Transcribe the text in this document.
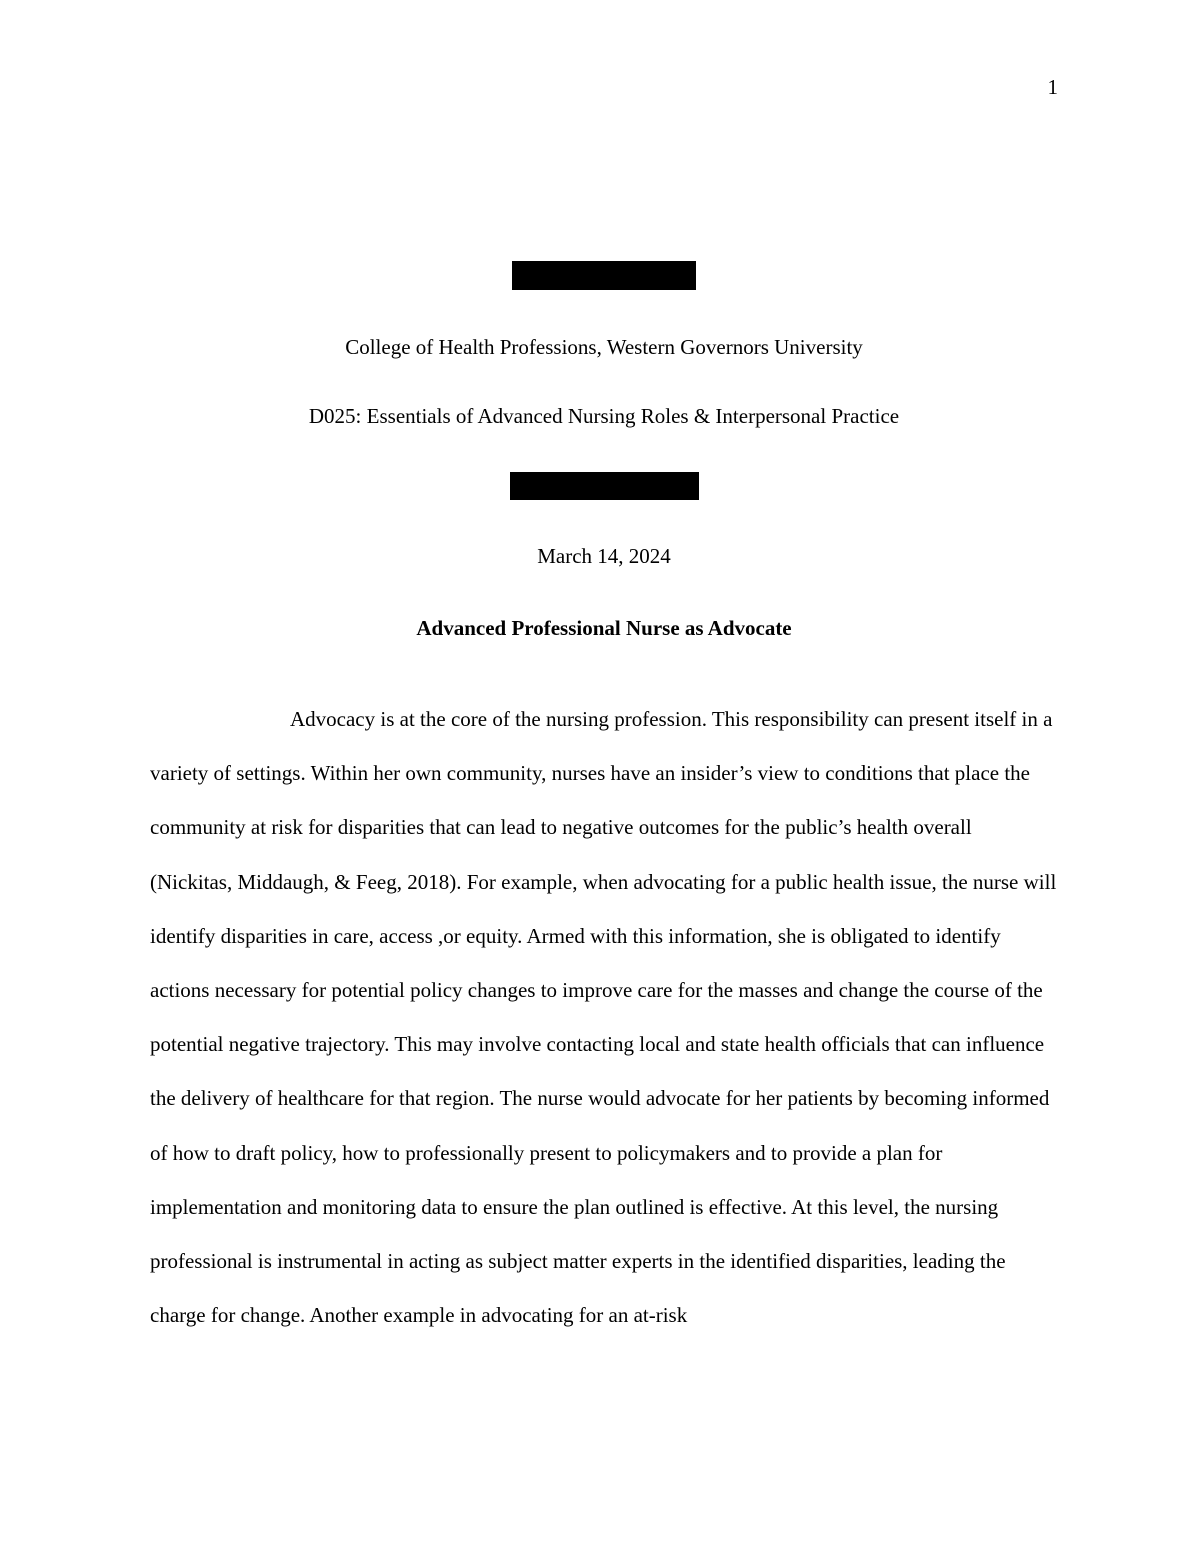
1
College of Health Professions, Western Governors University
D025: Essentials of Advanced Nursing Roles & Interpersonal Practice
March 14, 2024
Advanced Professional Nurse as Advocate

Advocacy is at the core of the nursing profession. This responsibility can present itself in a variety of settings. Within her own community, nurses have an insider’s view to conditions that place the community at risk for disparities that can lead to negative outcomes for the public’s health overall (Nickitas, Middaugh, & Feeg, 2018). For example, when advocating for a public health issue, the nurse will identify disparities in care, access ,or equity. Armed with this information, she is obligated to identify actions necessary for potential policy changes to improve care for the masses and change the course of the potential negative trajectory. This may involve contacting local and state health officials that can influence the delivery of healthcare for that region. The nurse would advocate for her patients by becoming informed of how to draft policy, how to professionally present to policymakers and to provide a plan for implementation and monitoring data to ensure the plan outlined is effective. At this level, the nursing professional is instrumental in acting as subject matter experts in the identified disparities, leading the charge for change. Another example in advocating for an at-risk
